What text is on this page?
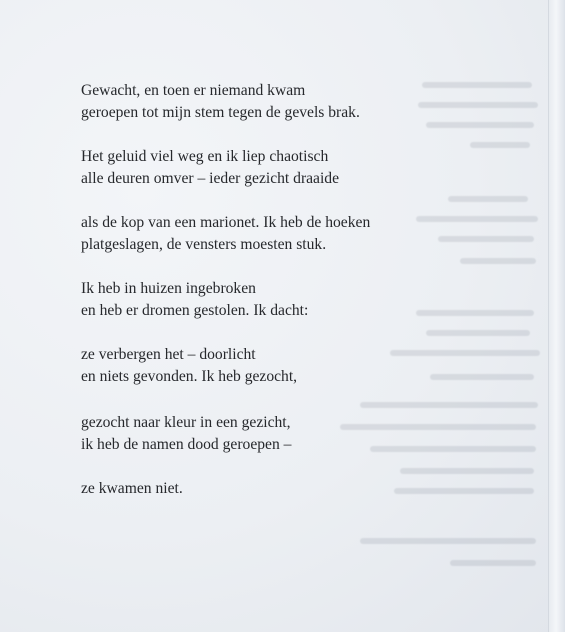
Gewacht, en toen er niemand kwam
geroepen tot mijn stem tegen de gevels brak.

Het geluid viel weg en ik liep chaotisch
alle deuren omver – ieder gezicht draaide

als de kop van een marionet. Ik heb de hoeken
platgeslagen, de vensters moesten stuk.

Ik heb in huizen ingebroken
en heb er dromen gestolen. Ik dacht:

ze verbergen het – doorlicht
en niets gevonden. Ik heb gezocht,

gezocht naar kleur in een gezicht,
ik heb de namen dood geroepen –

ze kwamen niet.
